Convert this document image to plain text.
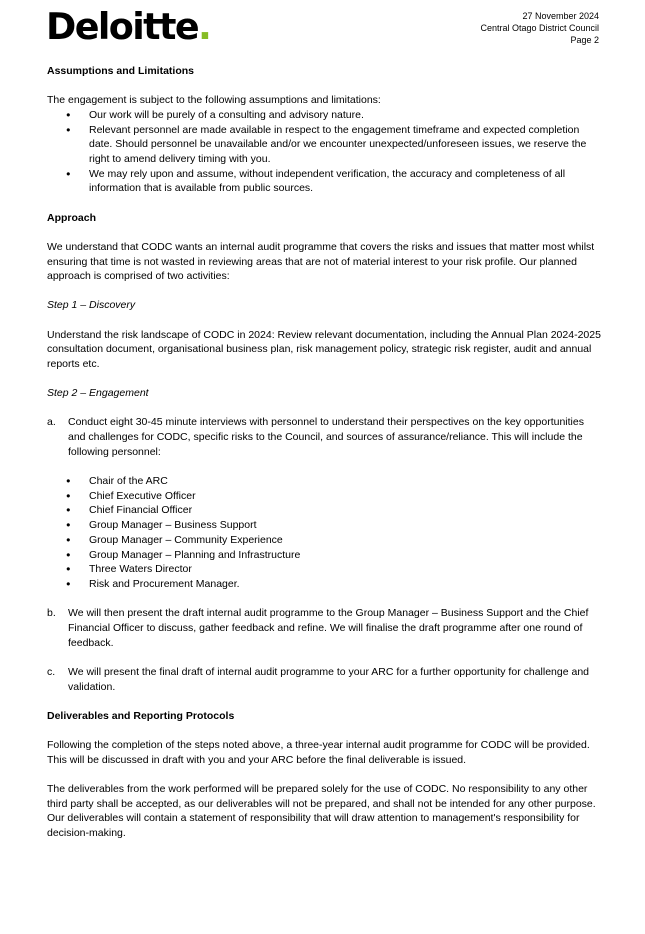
Deloitte.	27 November 2024
Central Otago District Council
Page 2

Assumptions and Limitations

The engagement is subject to the following assumptions and limitations:

● Our work will be purely of a consulting and advisory nature.
● Relevant personnel are made available in respect to the engagement timeframe and expected completion date. Should personnel be unavailable and/or we encounter unexpected/unforeseen issues, we reserve the right to amend delivery timing with you.
● We may rely upon and assume, without independent verification, the accuracy and completeness of all information that is available from public sources.

Approach

We understand that CODC wants an internal audit programme that covers the risks and issues that matter most whilst ensuring that time is not wasted in reviewing areas that are not of material interest to your risk profile. Our planned approach is comprised of two activities:

Step 1 – Discovery

Understand the risk landscape of CODC in 2024: Review relevant documentation, including the Annual Plan 2024-2025 consultation document, organisational business plan, risk management policy, strategic risk register, audit and annual reports etc.

Step 2 – Engagement

a. Conduct eight 30-45 minute interviews with personnel to understand their perspectives on the key opportunities and challenges for CODC, specific risks to the Council, and sources of assurance/reliance. This will include the following personnel:

● Chair of the ARC
● Chief Executive Officer
● Chief Financial Officer
● Group Manager – Business Support
● Group Manager – Community Experience
● Group Manager – Planning and Infrastructure
● Three Waters Director
● Risk and Procurement Manager.
b. We will then present the draft internal audit programme to the Group Manager – Business Support and the Chief Financial Officer to discuss, gather feedback and refine. We will finalise the draft programme after one round of feedback.

c. We will present the final draft of internal audit programme to your ARC for a further opportunity for challenge and validation.

Deliverables and Reporting Protocols

Following the completion of the steps noted above, a three-year internal audit programme for CODC will be provided. This will be discussed in draft with you and your ARC before the final deliverable is issued.

The deliverables from the work performed will be prepared solely for the use of CODC. No responsibility to any other third party shall be accepted, as our deliverables will not be prepared, and shall not be intended for any other purpose. Our deliverables will contain a statement of responsibility that will draw attention to management's responsibility for decision-making.
